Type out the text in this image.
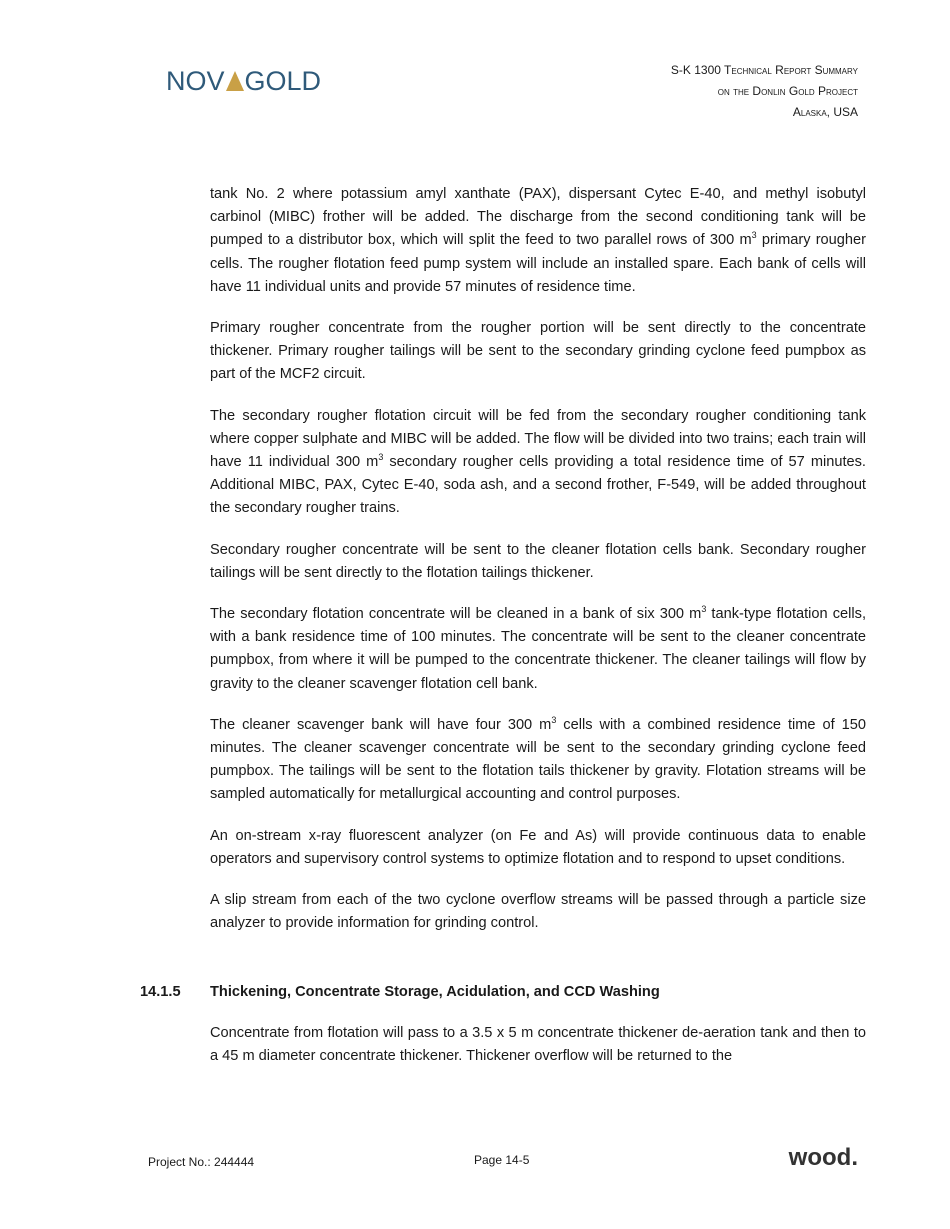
NOV GOLD	S-K 1300 Technical Report Summary
on the Donlin Gold Project
Alaska, USA

tank No. 2 where potassium amyl xanthate (PAX), dispersant Cytec E-40, and methyl isobutyl carbinol (MIBC) frother will be added. The discharge from the second conditioning tank will be pumped to a distributor box, which will split the feed to two parallel rows of 300 $m^3$ primary rougher cells. The rougher flotation feed pump system will include an installed spare. Each bank of cells will have 11 individual units and provide 57 minutes of residence time.

Primary rougher concentrate from the rougher portion will be sent directly to the concentrate thickener. Primary rougher tailings will be sent to the secondary grinding cyclone feed pumpbox as part of the MCF2 circuit.

The secondary rougher flotation circuit will be fed from the secondary rougher conditioning tank where copper sulphate and MIBC will be added. The flow will be divided into two trains; each train will have 11 individual 300 $m^3$ secondary rougher cells providing a total residence time of 57 minutes. Additional MIBC, PAX, Cytec E-40, soda ash, and a second frother, F-549, will be added throughout the secondary rougher trains.

Secondary rougher concentrate will be sent to the cleaner flotation cells bank. Secondary rougher tailings will be sent directly to the flotation tailings thickener.

The secondary flotation concentrate will be cleaned in a bank of six 300 $m^3$ tank-type flotation cells, with a bank residence time of 100 minutes. The concentrate will be sent to the cleaner concentrate pumpbox, from where it will be pumped to the concentrate thickener. The cleaner tailings will flow by gravity to the cleaner scavenger flotation cell bank.

The cleaner scavenger bank will have four 300 $m^3$ cells with a combined residence time of 150 minutes. The cleaner scavenger concentrate will be sent to the secondary grinding cyclone feed pumpbox. The tailings will be sent to the flotation tails thickener by gravity. Flotation streams will be sampled automatically for metallurgical accounting and control purposes.

An on-stream x-ray fluorescent analyzer (on Fe and As) will provide continuous data to enable operators and supervisory control systems to optimize flotation and to respond to upset conditions.

A slip stream from each of the two cyclone overflow streams will be passed through a particle size analyzer to provide information for grinding control.

14.1.5	Thickening, Concentrate Storage, Acidulation, and CCD Washing

Concentrate from flotation will pass to a 3.5 x 5 m concentrate thickener de-aeration tank and then to a 45 m diameter concentrate thickener. Thickener overflow will be returned to the

Project No.: 244444	Page 14-5	wood.
